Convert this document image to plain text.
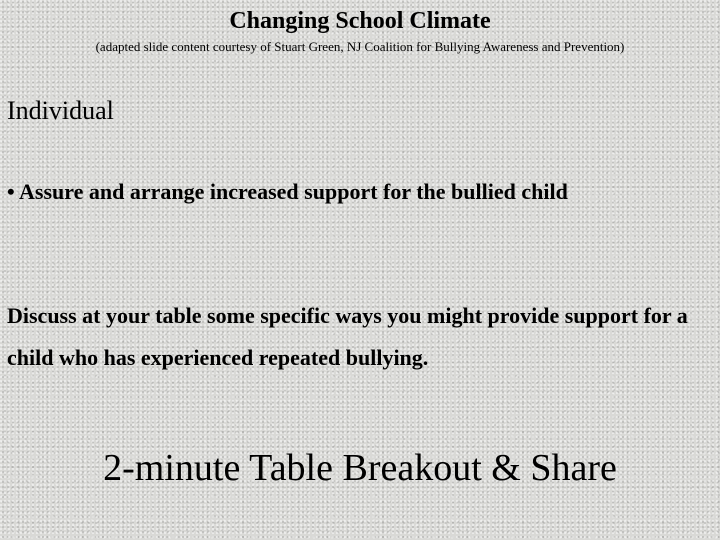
Changing School Climate
(adapted slide content courtesy of Stuart Green, NJ Coalition for Bullying Awareness and Prevention)
Individual
• Assure and arrange increased support for the bullied child
Discuss at your table some specific ways you might provide support for a child who has experienced repeated bullying.
2-minute Table Breakout & Share
